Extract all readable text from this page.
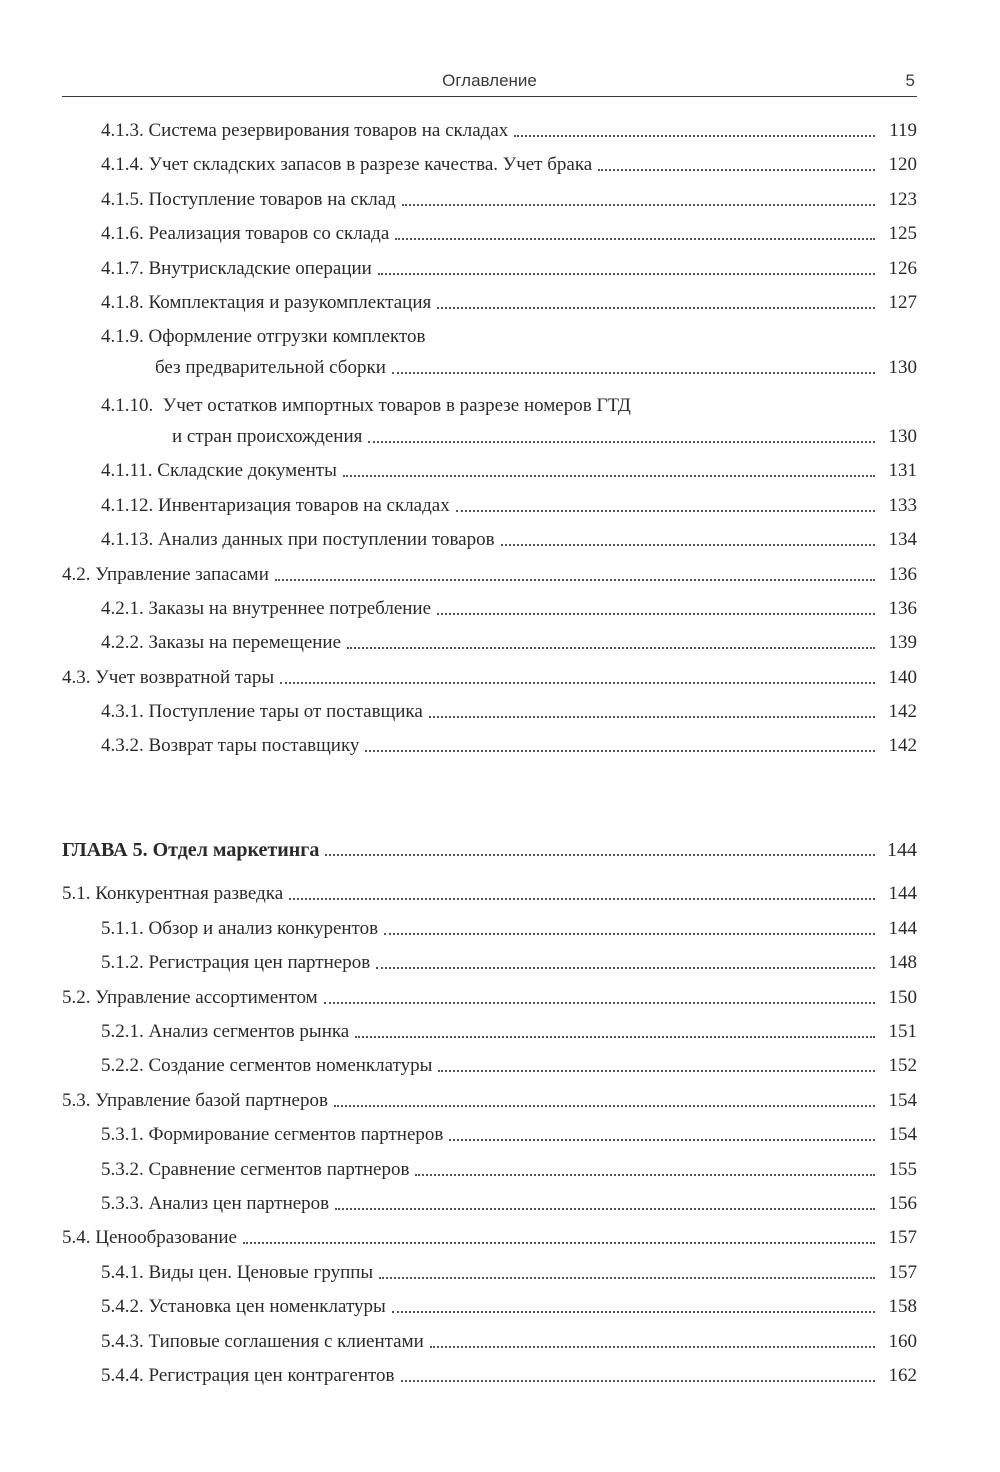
Оглавление	5
4.1.3.
Система резервирования товаров на складах	119
4.1.4.
Учет складских запасов в разрезе качества. Учет брака	120
4.1.5.
Поступление товаров на склад	123
4.1.6.
Реализация товаров со склада	125
4.1.7.
Внутрискладские операции	126
4.1.8.
Комплектация и разукомплектация	127
4.1.9.
Оформление отгрузки комплектов
без предварительной сборки	130
4.1.10.
Учет остатков импортных товаров в разрезе номеров ГТД
и стран происхождения	130
4.1.11.
Складские документы	131
4.1.12.
Инвентаризация товаров на складах	133
4.1.13.
Анализ данных при поступлении товаров	134
4.2.
Управление запасами	136
4.2.1.
Заказы на внутреннее потребление	136
4.2.2.
Заказы на перемещение	139
4.3.
Учет возвратной тары	140
4.3.1.
Поступление тары от поставщика	142
4.3.2.
Возврат тары поставщику	142
ГЛАВА 5. Отдел маркетинга	144
5.1.
Конкурентная разведка	144
5.1.1.
Обзор и анализ конкурентов	144
5.1.2.
Регистрация цен партнеров	148
5.2.
Управление ассортиментом	150
5.2.1.
Анализ сегментов рынка	151
5.2.2.
Создание сегментов номенклатуры	152
5.3.
Управление базой партнеров	154
5.3.1.
Формирование сегментов партнеров	154
5.3.2.
Сравнение сегментов партнеров	155
5.3.3.
Анализ цен партнеров	156
5.4.
Ценообразование	157
5.4.1.
Виды цен. Ценовые группы	157
5.4.2.
Установка цен номенклатуры	158
5.4.3.
Типовые соглашения с клиентами	160
5.4.4.
Регистрация цен контрагентов	162
